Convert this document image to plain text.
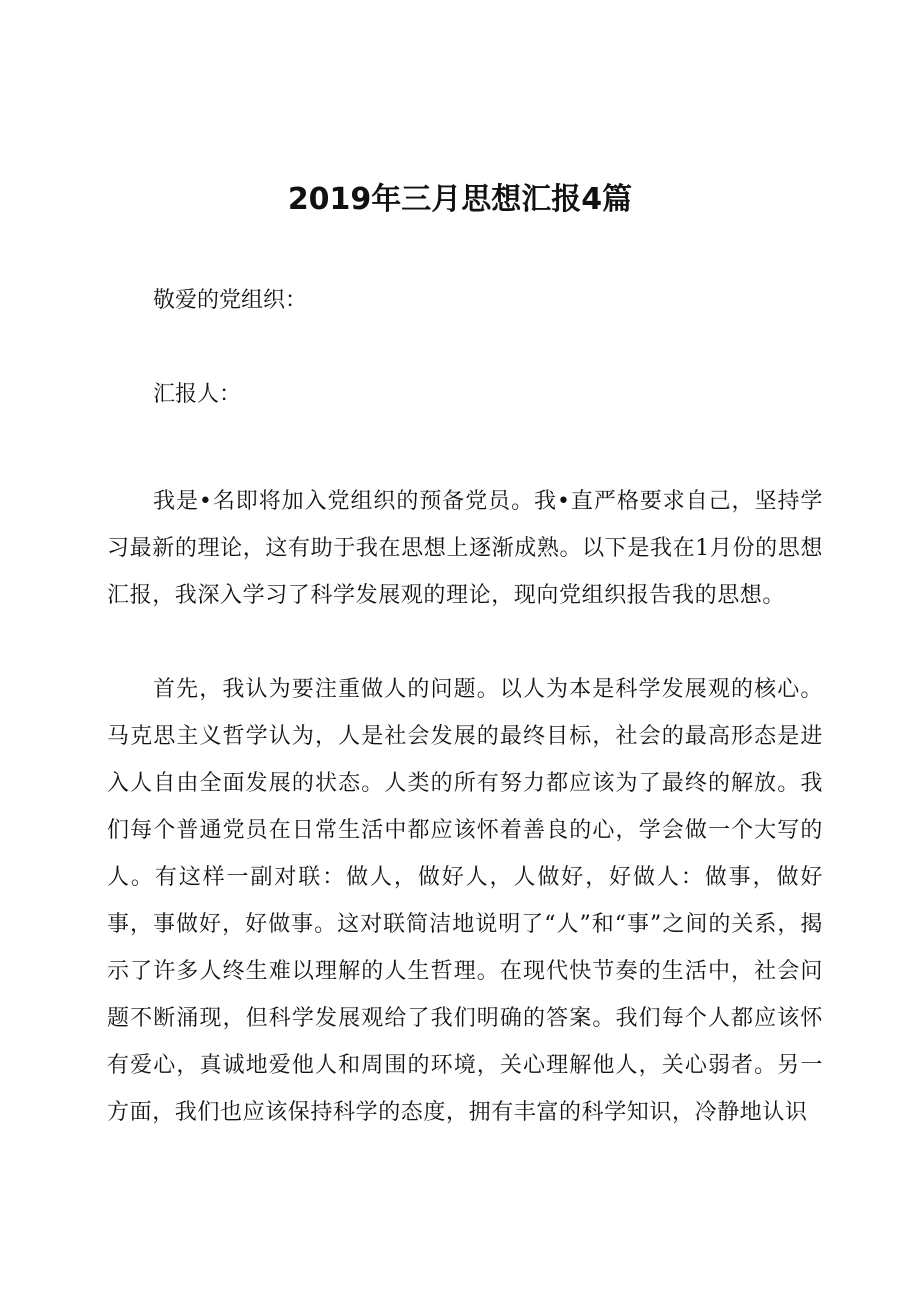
2019年三月思想汇报4篇

敬爱的党组织：

汇报人：

我是•名即将加入党组织的预备党员。我•直严格要求自己，坚持学习最新的理论，这有助于我在思想上逐渐成熟。以下是我在1月份的思想汇报，我深入学习了科学发展观的理论，现向党组织报告我的思想。

首先，我认为要注重做人的问题。以人为本是科学发展观的核心。马克思主义哲学认为，人是社会发展的最终目标，社会的最高形态是进入人自由全面发展的状态。人类的所有努力都应该为了最终的解放。我们每个普通党员在日常生活中都应该怀着善良的心，学会做一个大写的人。有这样一副对联：做人，做好人，人做好，好做人：做事，做好事，事做好，好做事。这对联简洁地说明了“人”和“事”之间的关系，揭示了许多人终生难以理解的人生哲理。在现代快节奏的生活中，社会问题不断涌现，但科学发展观给了我们明确的答案。我们每个人都应该怀有爱心，真诚地爱他人和周围的环境，关心理解他人，关心弱者。另一方面，我们也应该保持科学的态度，拥有丰富的科学知识，冷静地认识
